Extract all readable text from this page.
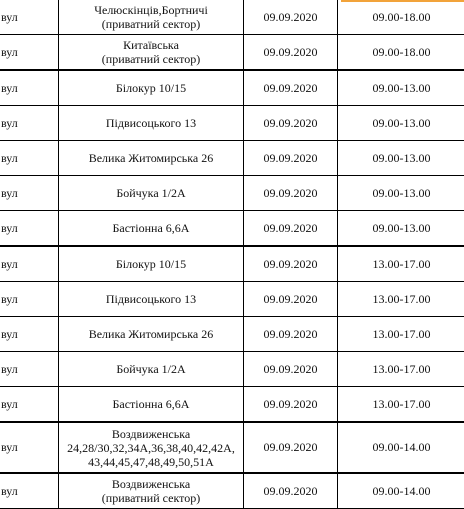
вул	Челюскінців,Бортничі
(приватний сектор)	09.09.2020	09.00-18.00
вул	Китаївська
(приватний сектор)	09.09.2020	09.00-18.00
вул	Білокур 10/15	09.09.2020	09.00-13.00
вул	Підвисоцького 13	09.09.2020	09.00-13.00
вул	Велика Житомирська 26	09.09.2020	09.00-13.00
вул	Бойчука 1/2А	09.09.2020	09.00-13.00
вул	Бастіонна 6,6А	09.09.2020	09.00-13.00
вул	Білокур 10/15	09.09.2020	13.00-17.00
вул	Підвисоцького 13	09.09.2020	13.00-17.00
вул	Велика Житомирська 26	09.09.2020	13.00-17.00
вул	Бойчука 1/2А	09.09.2020	13.00-17.00
вул	Бастіонна 6,6А	09.09.2020	13.00-17.00
вул	Воздвиженська
24,28/30,32,34А,36,38,40,42,42А,
43,44,45,47,48,49,50,51А	09.09.2020	09.00-14.00
вул	Воздвиженська
(приватний сектор)	09.09.2020	09.00-14.00
